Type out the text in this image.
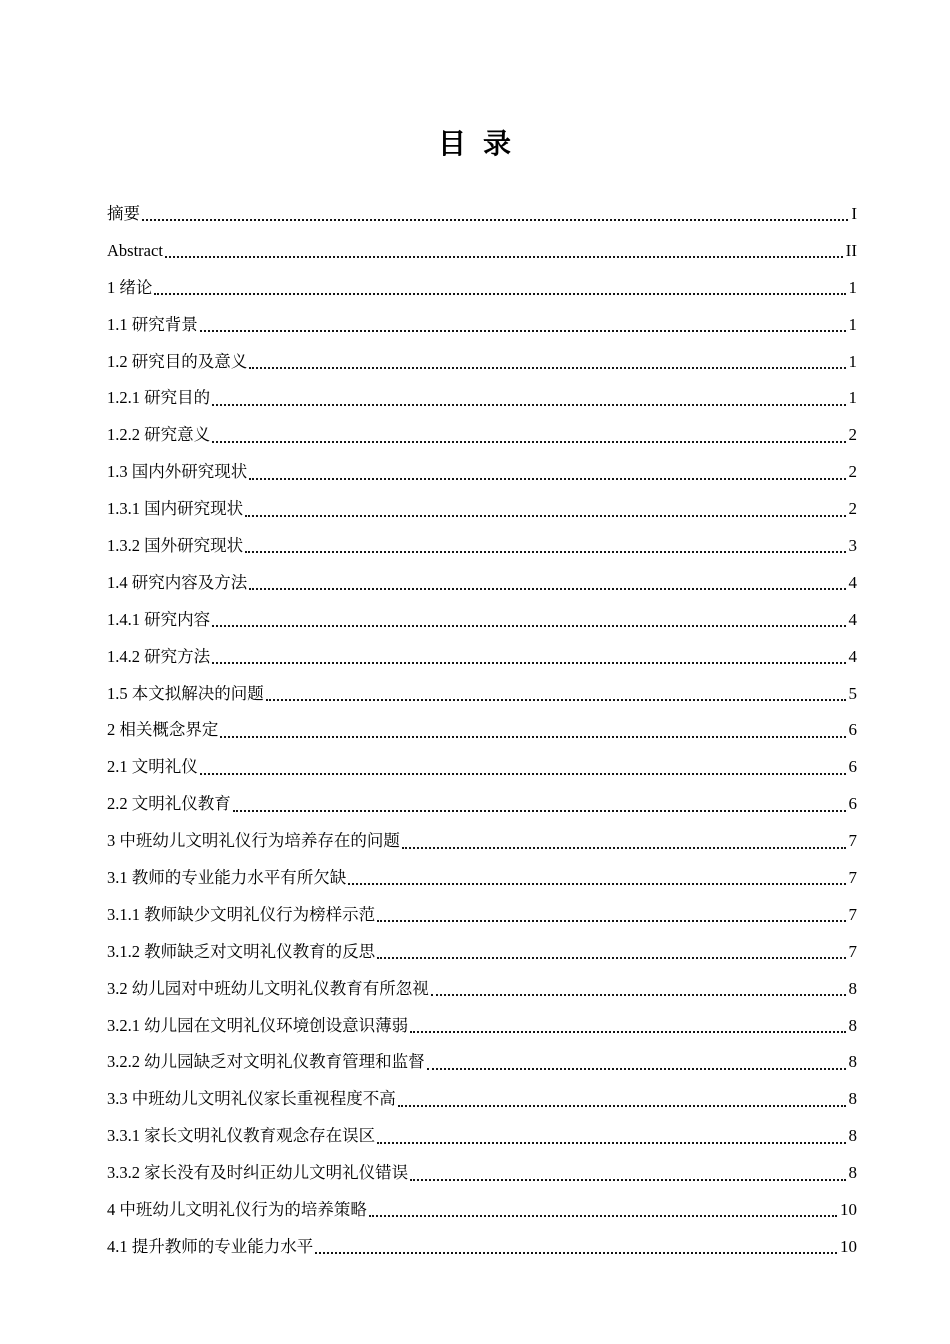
目  录
摘要	I
Abstract	II
1 绪论	1
1.1 研究背景	1
1.2 研究目的及意义	1
1.2.1 研究目的	1
1.2.2 研究意义	2
1.3 国内外研究现状	2
1.3.1 国内研究现状	2
1.3.2 国外研究现状	3
1.4 研究内容及方法	4
1.4.1 研究内容	4
1.4.2 研究方法	4
1.5 本文拟解决的问题	5
2 相关概念界定	6
2.1 文明礼仪	6
2.2 文明礼仪教育	6
3 中班幼儿文明礼仪行为培养存在的问题	7
3.1 教师的专业能力水平有所欠缺	7
3.1.1 教师缺少文明礼仪行为榜样示范	7
3.1.2 教师缺乏对文明礼仪教育的反思	7
3.2 幼儿园对中班幼儿文明礼仪教育有所忽视	8
3.2.1 幼儿园在文明礼仪环境创设意识薄弱	8
3.2.2 幼儿园缺乏对文明礼仪教育管理和监督	8
3.3 中班幼儿文明礼仪家长重视程度不高	8
3.3.1 家长文明礼仪教育观念存在误区	8
3.3.2 家长没有及时纠正幼儿文明礼仪错误	8
4 中班幼儿文明礼仪行为的培养策略	10
4.1 提升教师的专业能力水平	10
